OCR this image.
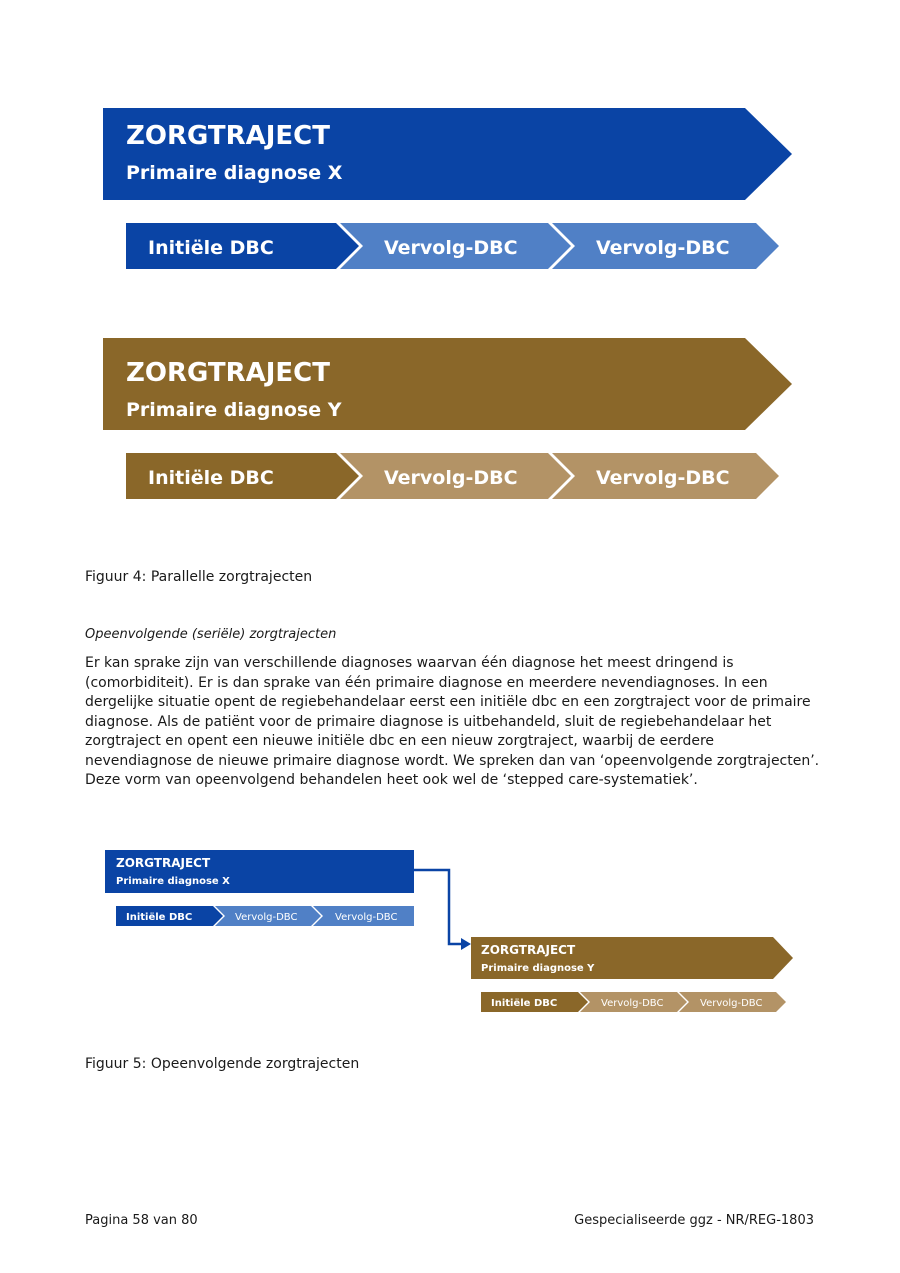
ZORGTRAJECT
Primaire diagnose X
Initiële DBC	Vervolg-DBC	Vervolg-DBC
ZORGTRAJECT
Primaire diagnose Y
Initiële DBC	Vervolg-DBC	Vervolg-DBC
Figuur 4: Parallelle zorgtrajecten
Opeenvolgende (seriële) zorgtrajecten
Er kan sprake zijn van verschillende diagnoses waarvan één diagnose het meest dringend is (comorbiditeit). Er is dan sprake van één primaire diagnose en meerdere nevendiagnoses. In een dergelijke situatie opent de regiebehandelaar eerst een initiële dbc en een zorgtraject voor de primaire diagnose. Als de patiënt voor de primaire diagnose is uitbehandeld, sluit de regiebehandelaar het zorgtraject en opent een nieuwe initiële dbc en een nieuw zorgtraject, waarbij de eerdere nevendiagnose de nieuwe primaire diagnose wordt. We spreken dan van ‘opeenvolgende zorgtrajecten’. Deze vorm van opeenvolgend behandelen heet ook wel de ‘stepped care-systematiek’.
ZORGTRAJECT
Primaire diagnose X
Initiële DBC	Vervolg-DBC	Vervolg-DBC
ZORGTRAJECT
Primaire diagnose Y
Initiële DBC	Vervolg-DBC	Vervolg-DBC
Figuur 5: Opeenvolgende zorgtrajecten
Pagina 58 van 80	Gespecialiseerde ggz - NR/REG-1803
